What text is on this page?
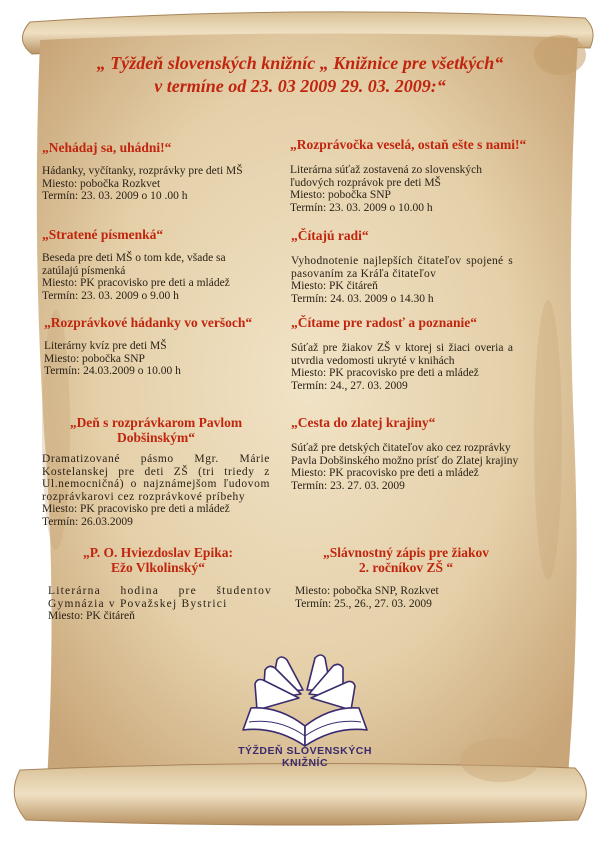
„ Týždeň slovenských knižníc „ Knižnice pre všetkých“
v termíne od 23. 03 2009 29. 03. 2009:“
„Nehádaj sa, uhádni!“
Hádanky, vyčítanky, rozprávky pre deti MŠ
Miesto: pobočka Rozkvet
Termín: 23. 03. 2009 o 10 .00 h
„Stratené písmenká“
Beseda pre deti MŠ o tom kde, všade sa
zatúlajú písmenká
Miesto: PK pracovisko pre deti a mládež
Termín: 23. 03. 2009 o 9.00 h
„Rozprávkové hádanky vo veršoch“
Literárny kvíz pre deti MŠ
Miesto: pobočka SNP
Termín: 24.03.2009 o 10.00 h
„Deň s rozprávkarom Pavlom
Dobšinským“
Dramatizované pásmo Mgr. Márie Kostelanskej pre deti ZŠ (tri triedy z Ul.nemocničná) o najznámejšom ľudovom rozprávkarovi cez rozprávkové príbehy
Miesto: PK pracovisko pre deti a mládež
Termín: 26.03.2009
„P. O. Hviezdoslav Epika:
Ežo Vlkolinský“
Literárna hodina pre študentov Gymnázia v Považskej Bystrici
Miesto: PK čitáreň
„Rozprávočka veselá, ostaň ešte s nami!“
Literárna súťaž zostavená zo slovenských
ľudových rozprávok pre deti MŠ
Miesto: pobočka SNP
Termín: 23. 03. 2009 o 10.00 h
„Čítajú radi“
Vyhodnotenie najlepších čitateľov spojené s pasovaním za Kráľa čitateľov
Miesto: PK čitáreň
Termín: 24. 03. 2009 o 14.30 h
„Čítame pre radosť a poznanie“
Súťaž pre žiakov ZŠ v ktorej si žiaci overia a utvrdia vedomosti ukryté v knihách
Miesto: PK pracovisko pre deti a mládež
Termín: 24., 27. 03. 2009
„Cesta do zlatej krajiny“
Súťaž pre detských čitateľov ako cez rozprávky
Pavla Dobšinského možno prísť do Zlatej krajiny
Miesto: PK pracovisko pre deti a mládež
Termín: 23. 27. 03. 2009
„Slávnostný zápis pre žiakov
2. ročníkov ZŠ “
Miesto: pobočka SNP, Rozkvet
Termín: 25., 26., 27. 03. 2009
TÝŽDEŇ SLOVENSKÝCH
KNIŽNÍC
